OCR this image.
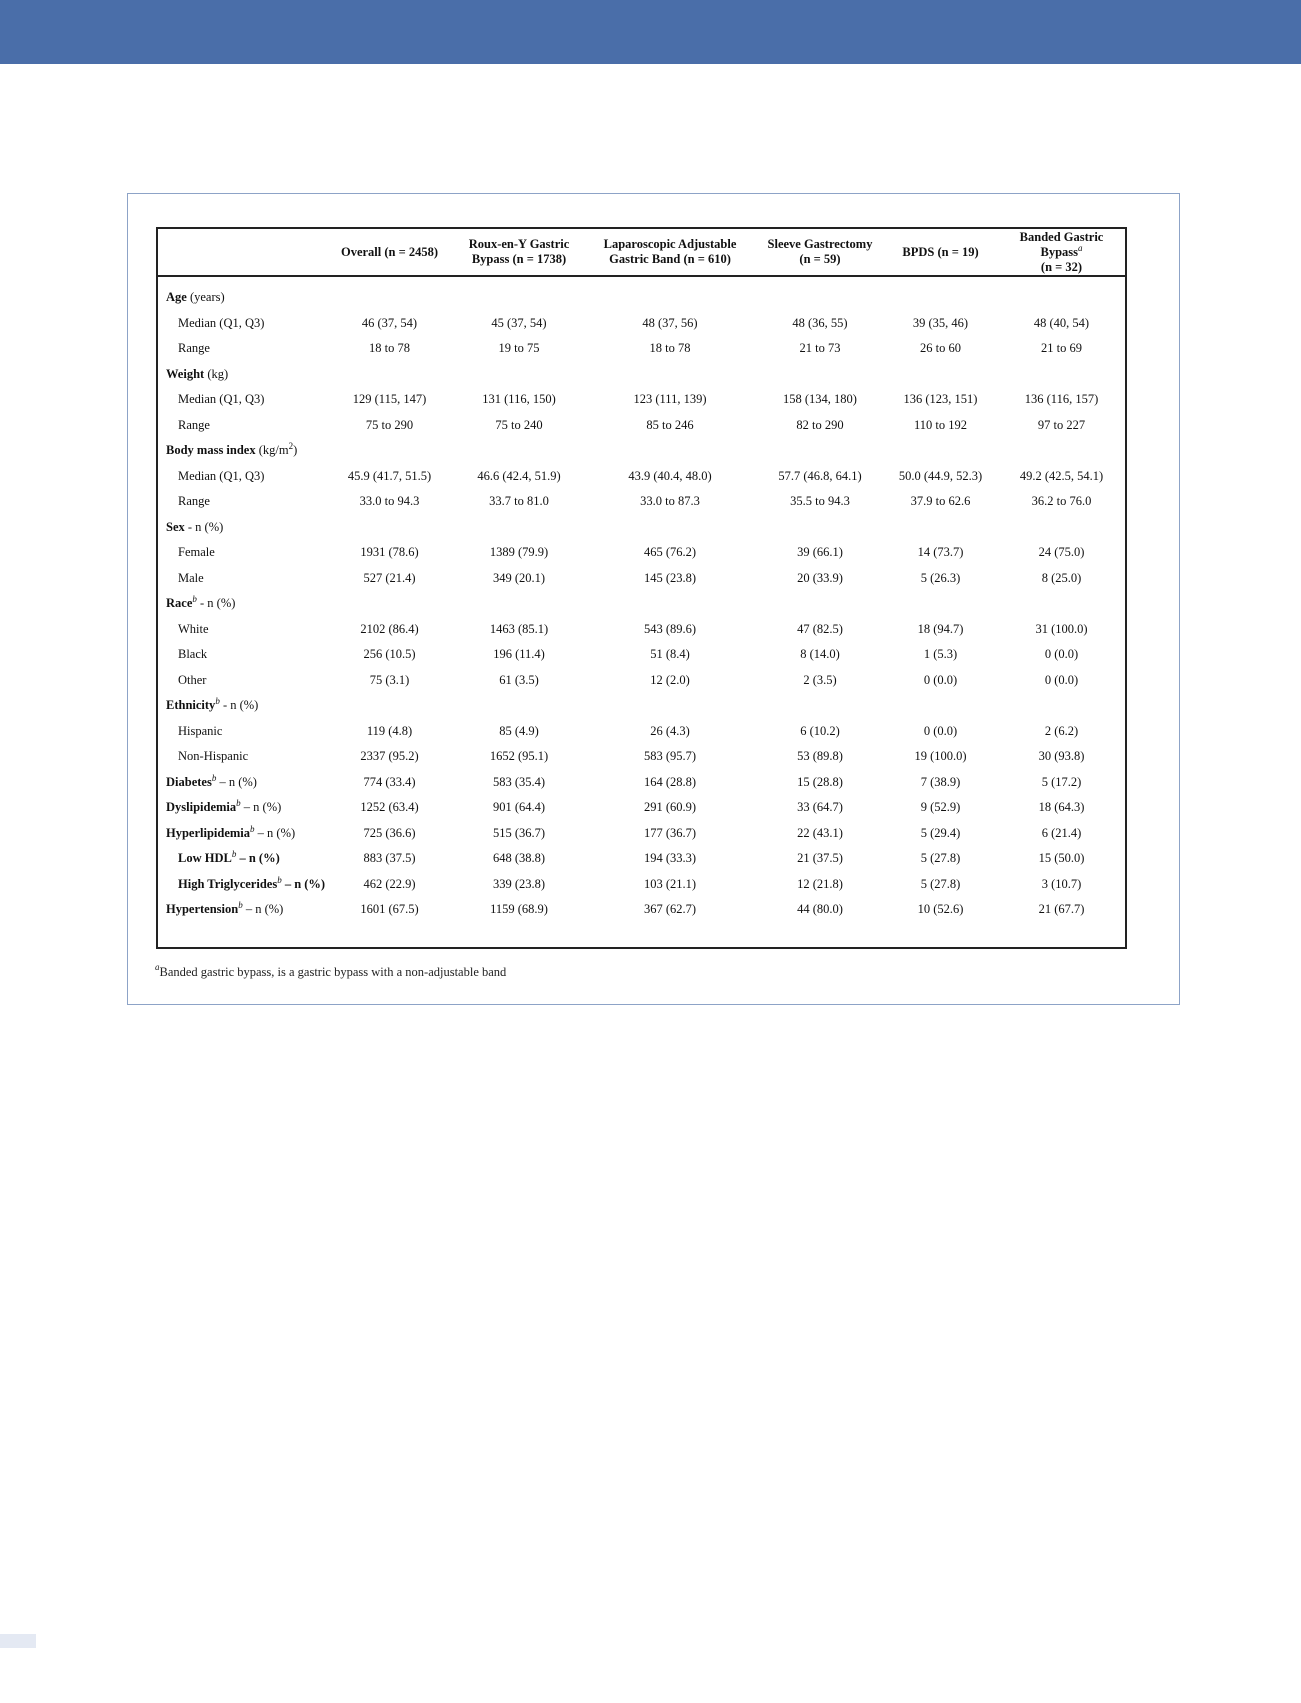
	Overall (n = 2458)	Roux-en-Y Gastric Bypass (n = 1738)	Laparoscopic Adjustable Gastric Band (n = 610)	Sleeve Gastrectomy (n = 59)	BPDS (n = 19)	Banded Gastric Bypass$^a$
(n = 32)
Age (years)						
Median (Q1, Q3)	46 (37, 54)	45 (37, 54)	48 (37, 56)	48 (36, 55)	39 (35, 46)	48 (40, 54)
Range	18 to 78	19 to 75	18 to 78	21 to 73	26 to 60	21 to 69
Weight (kg)						
Median (Q1, Q3)	129 (115, 147)	131 (116, 150)	123 (111, 139)	158 (134, 180)	136 (123, 151)	136 (116, 157)
Range	75 to 290	75 to 240	85 to 246	82 to 290	110 to 192	97 to 227
Body mass index $(kg/m^2)$						
Median (Q1, Q3)	45.9 (41.7, 51.5)	46.6 (42.4, 51.9)	43.9 (40.4, 48.0)	57.7 (46.8, 64.1)	50.0 (44.9, 52.3)	49.2 (42.5, 54.1)
Range	33.0 to 94.3	33.7 to 81.0	33.0 to 87.3	35.5 to 94.3	37.9 to 62.6	36.2 to 76.0
Sex - n (%)						
Female	1931 (78.6)	1389 (79.9)	465 (76.2)	39 (66.1)	14 (73.7)	24 (75.0)
Male	527 (21.4)	349 (20.1)	145 (23.8)	20 (33.9)	5 (26.3)	8 (25.0)
Race$^b$ - n (%)						
White	2102 (86.4)	1463 (85.1)	543 (89.6)	47 (82.5)	18 (94.7)	31 (100.0)
Black	256 (10.5)	196 (11.4)	51 (8.4)	8 (14.0)	1 (5.3)	0 (0.0)
Other	75 (3.1)	61 (3.5)	12 (2.0)	2 (3.5)	0 (0.0)	0 (0.0)
Ethnicity$^b$ - n (%)						
Hispanic	119 (4.8)	85 (4.9)	26 (4.3)	6 (10.2)	0 (0.0)	2 (6.2)
Non-Hispanic	2337 (95.2)	1652 (95.1)	583 (95.7)	53 (89.8)	19 (100.0)	30 (93.8)
Diabetes$^b$ – n (%)	774 (33.4)	583 (35.4)	164 (28.8)	15 (28.8)	7 (38.9)	5 (17.2)
Dyslipidemia$^b$ – n (%)	1252 (63.4)	901 (64.4)	291 (60.9)	33 (64.7)	9 (52.9)	18 (64.3)
Hyperlipidemia$^b$ – n (%)	725 (36.6)	515 (36.7)	177 (36.7)	22 (43.1)	5 (29.4)	6 (21.4)
Low HDL$^b$ – n (%)	883 (37.5)	648 (38.8)	194 (33.3)	21 (37.5)	5 (27.8)	15 (50.0)
High Triglycerides$^b$ – n (%)	462 (22.9)	339 (23.8)	103 (21.1)	12 (21.8)	5 (27.8)	3 (10.7)
Hypertension$^b$ – n (%)	1601 (67.5)	1159 (68.9)	367 (62.7)	44 (80.0)	10 (52.6)	21 (67.7)
$^a$Banded gastric bypass, is a gastric bypass with a non-adjustable band
